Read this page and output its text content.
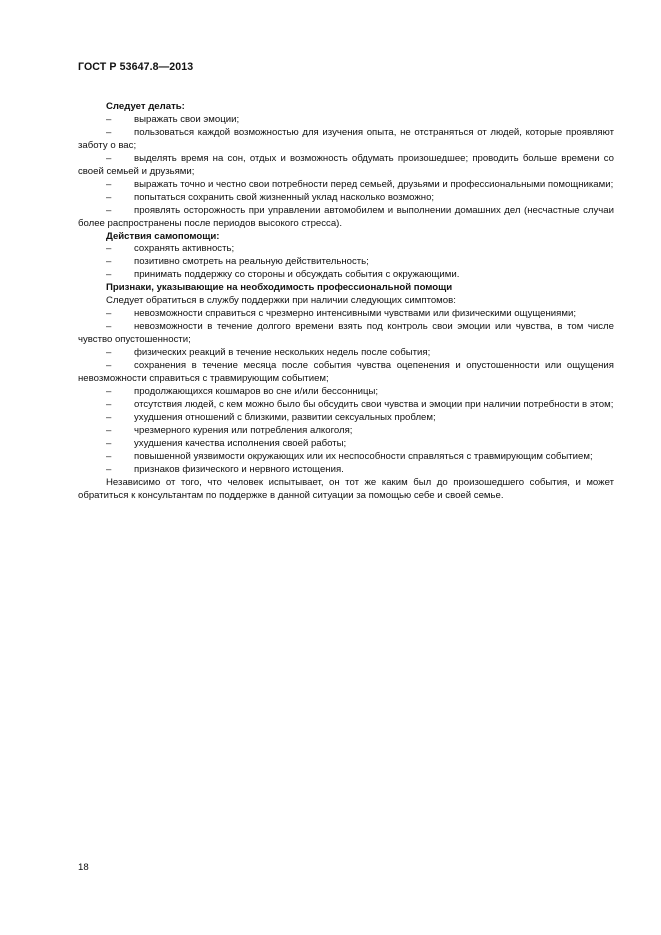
ГОСТ Р 53647.8—2013

Следует делать:

– выражать свои эмоции;

– пользоваться каждой возможностью для изучения опыта, не отстраняться от людей, которые проявляют заботу о вас;

– выделять время на сон, отдых и возможность обдумать произошедшее; проводить больше времени со своей семьей и друзьями;

– выражать точно и честно свои потребности перед семьей, друзьями и профессиональными помощниками;

– попытаться сохранить свой жизненный уклад насколько возможно;

– проявлять осторожность при управлении автомобилем и выполнении домашних дел (несчастные случаи более распространены после периодов высокого стресса).

Действия самопомощи:

– сохранять активность;

– позитивно смотреть на реальную действительность;

– принимать поддержку со стороны и обсуждать события с окружающими.

Признаки, указывающие на необходимость профессиональной помощи

Следует обратиться в службу поддержки при наличии следующих симптомов:

– невозможности справиться с чрезмерно интенсивными чувствами или физическими ощущениями;

– невозможности в течение долгого времени взять под контроль свои эмоции или чувства, в том числе чувство опустошенности;

– физических реакций в течение нескольких недель после события;

– сохранения в течение месяца после события чувства оцепенения и опустошенности или ощущения невозможности справиться с травмирующим событием;

– продолжающихся кошмаров во сне и/или бессонницы;

– отсутствия людей, с кем можно было бы обсудить свои чувства и эмоции при наличии потребности в этом;

– ухудшения отношений с близкими, развитии сексуальных проблем;

– чрезмерного курения или потребления алкоголя;

– ухудшения качества исполнения своей работы;

– повышенной уязвимости окружающих или их неспособности справляться с травмирующим событием;

– признаков физического и нервного истощения.

Независимо от того, что человек испытывает, он тот же каким был до произошедшего события, и может обратиться к консультантам по поддержке в данной ситуации за помощью себе и своей семье.

18
